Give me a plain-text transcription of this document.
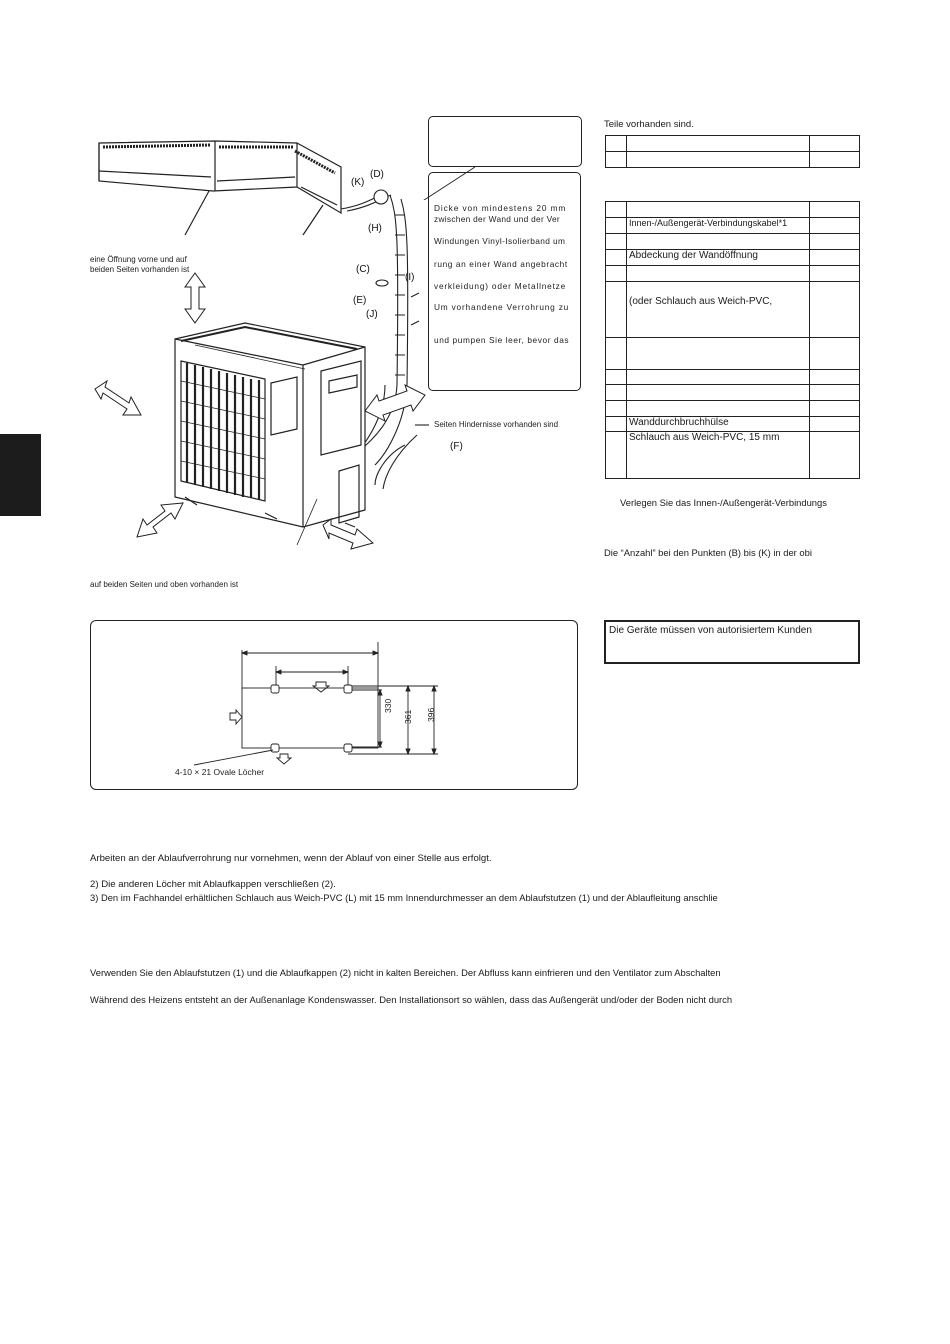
Dicke von mindestens 20 mm
zwischen der Wand und der Ver
Windungen Vinyl-Isolierband um
rung an einer Wand angebracht
verkleidung) oder Metallnetze
Um vorhandene Verrohrung zu
und pumpen Sie leer, bevor das
(D)
(K)
(H)
(C)
(I)
(E)
(J)
(F)
eine Öffnung vorne und auf
beiden Seiten vorhanden ist
Seiten Hindernisse vorhanden sind
auf beiden Seiten und oben vorhanden ist
Teile vorhanden sind.

	Innen-/Außengerät-Verbindungskabel*1	

	Abdeckung der Wandöffnung	

	(oder Schlauch aus Weich-PVC,	

	Wanddurchbruchhülse	
	Schlauch aus Weich-PVC, 15 mm	
Verlegen Sie das Innen-/Außengerät-Verbindungs
Die “Anzahl” bei den Punkten (B) bis (K) in der obi
Die Geräte müssen von autorisiertem Kunden
330
361 396
4-10 × 21 Ovale Löcher
Arbeiten an der Ablaufverrohrung nur vornehmen, wenn der Ablauf von einer Stelle aus erfolgt.
2) Die anderen Löcher mit Ablaufkappen verschließen (2).
3) Den im Fachhandel erhältlichen Schlauch aus Weich-PVC (L) mit 15 mm Innendurchmesser an dem Ablaufstutzen (1) und der Ablaufleitung anschlie
Verwenden Sie den Ablaufstutzen (1) und die Ablaufkappen (2) nicht in kalten Bereichen. Der Abfluss kann einfrieren und den Ventilator zum Abschalten
Während des Heizens entsteht an der Außenanlage Kondenswasser. Den Installationsort so wählen, dass das Außengerät und/oder der Boden nicht durch
